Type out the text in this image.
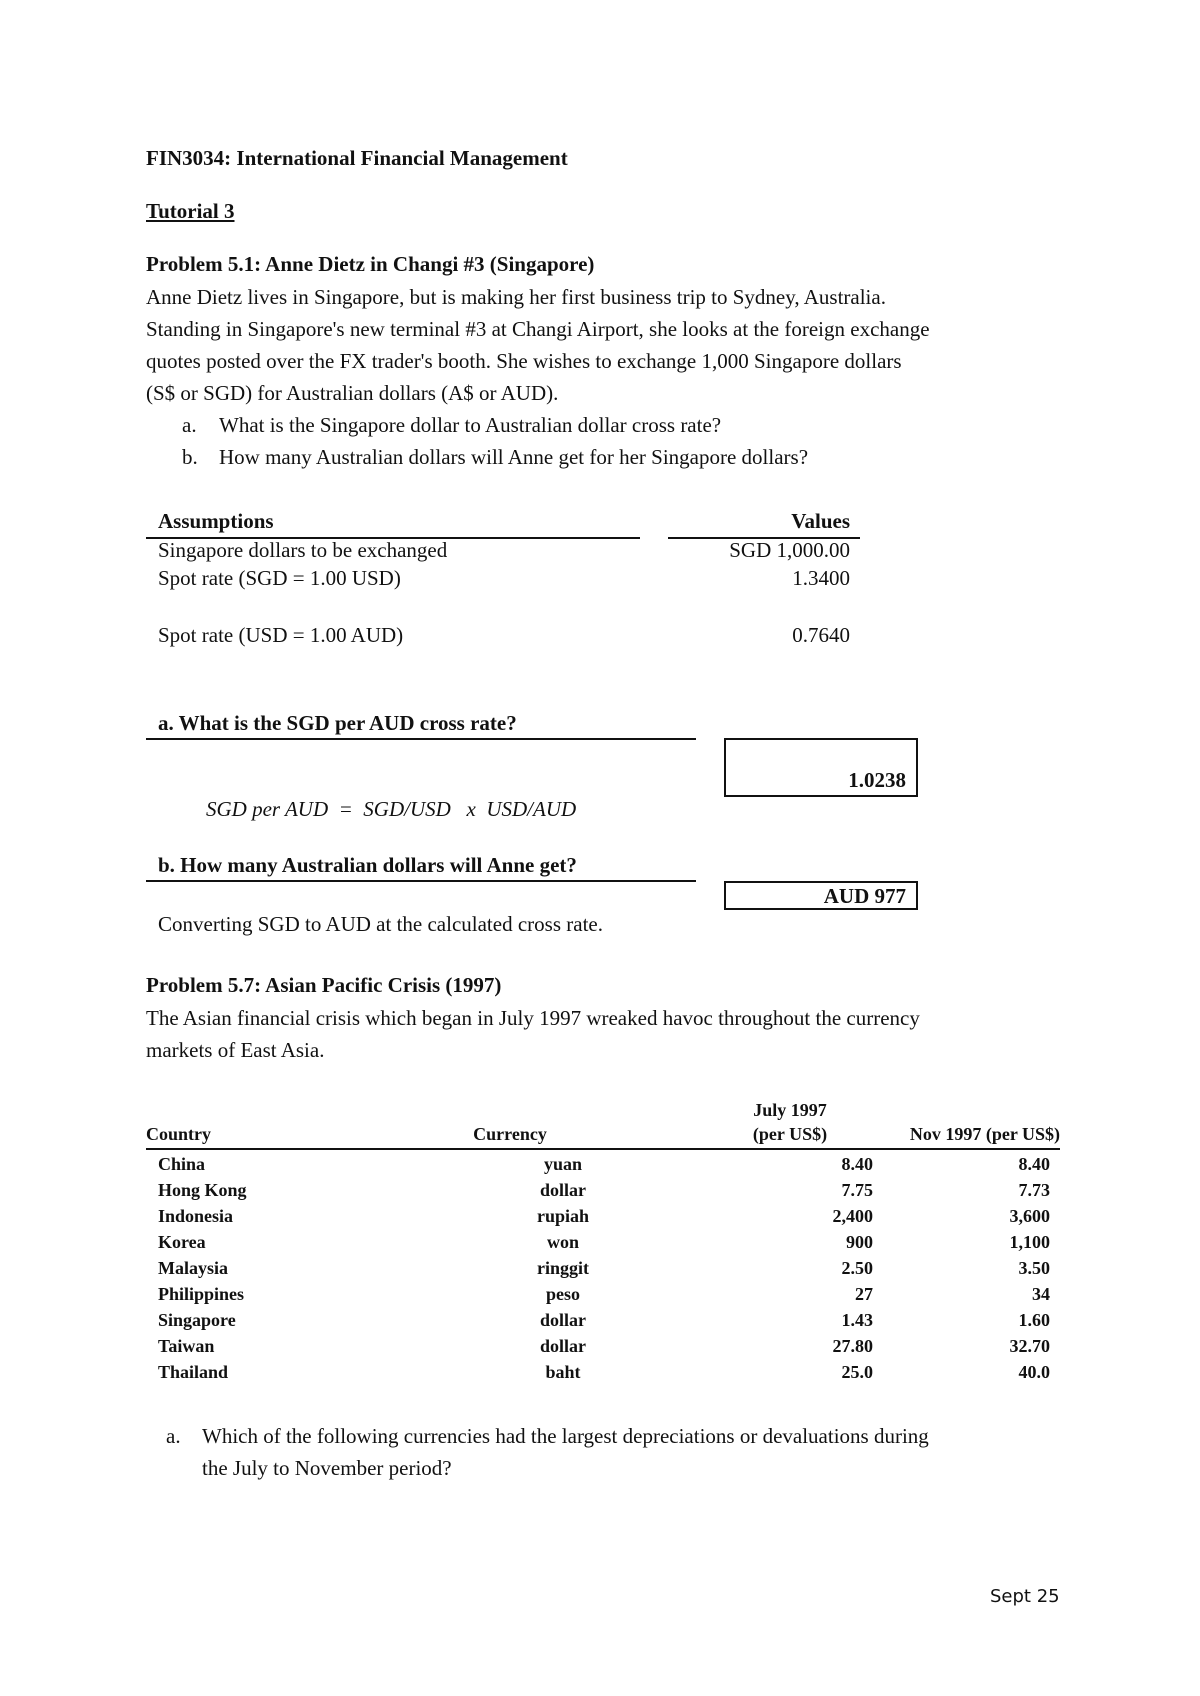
FIN3034: International Financial Management
Tutorial 3
Problem 5.1: Anne Dietz in Changi #3 (Singapore)
Anne Dietz lives in Singapore, but is making her first business trip to Sydney, Australia.
Standing in Singapore's new terminal #3 at Changi Airport, she looks at the foreign exchange
quotes posted over the FX trader's booth. She wishes to exchange 1,000 Singapore dollars
(S$ or SGD) for Australian dollars (A$ or AUD).
a.	What is the Singapore dollar to Australian dollar cross rate?
b.	How many Australian dollars will Anne get for her Singapore dollars?
Assumptions	Values
Singapore dollars to be exchanged	SGD 1,000.00
Spot rate (SGD = 1.00 USD)	1.3400
Spot rate (USD = 1.00 AUD)	0.7640
a. What is the SGD per AUD cross rate?
1.0238
SGD per AUD  =  SGD/USD   x  USD/AUD
b. How many Australian dollars will Anne get?
AUD 977
Converting SGD to AUD at the calculated cross rate.
Problem 5.7: Asian Pacific Crisis (1997)
The Asian financial crisis which began in July 1997 wreaked havoc throughout the currency
markets of East Asia.
July 1997
Country	Currency	(per US$)	Nov 1997 (per US$)
China	yuan	8.40	8.40
Hong Kong	dollar	7.75	7.73
Indonesia	rupiah	2,400	3,600
Korea	won	900	1,100
Malaysia	ringgit	2.50	3.50
Philippines	peso	27	34
Singapore	dollar	1.43	1.60
Taiwan	dollar	27.80	32.70
Thailand	baht	25.0	40.0
a.	Which of the following currencies had the largest depreciations or devaluations during
the July to November period?
Sept 25
